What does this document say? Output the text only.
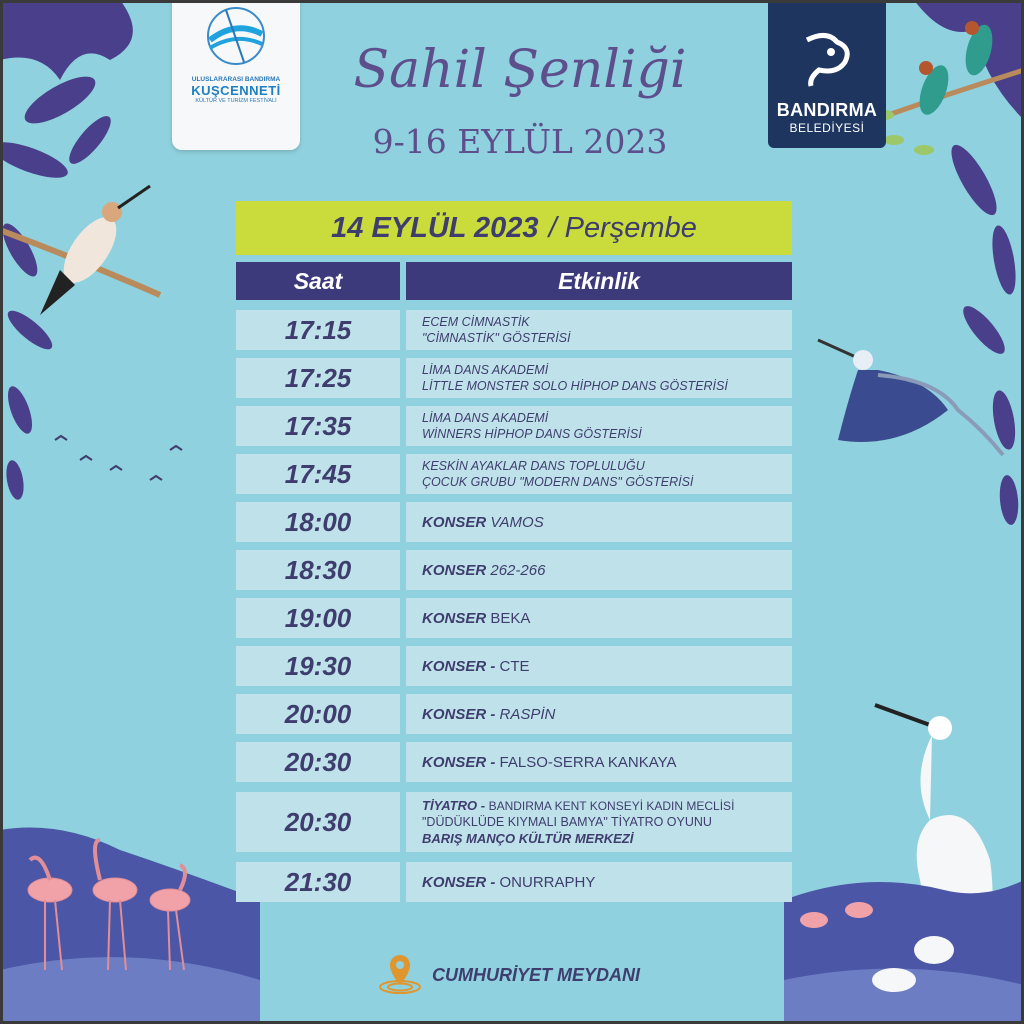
ULUSLARARASI BANDIRMA
KUŞCENNETİ
KÜLTÜR VE TURİZM FESTİVALİ	BANDIRMA
BELEDİYESİ
Sahil Şenliği
9-16 EYLÜL 2023
14 EYLÜL 2023 / Perşembe
Saat	Etkinlik
17:15	ECEM CİMNASTİK
"CİMNASTİK" GÖSTERİSİ
17:25	LİMA DANS AKADEMİ
LİTTLE MONSTER SOLO HİPHOP DANS GÖSTERİSİ
17:35	LİMA DANS AKADEMİ
WİNNERS HİPHOP DANS GÖSTERİSİ
17:45	KESKİN AYAKLAR DANS TOPLULUĞU
ÇOCUK GRUBU "MODERN DANS" GÖSTERİSİ
18:00	KONSER VAMOS
18:30	KONSER 262-266
19:00	KONSER BEKA
19:30	KONSER - CTE
20:00	KONSER - RASPİN
20:30	KONSER - FALSO-SERRA KANKAYA
20:30
TİYATRO - BANDIRMA KENT KONSEYİ KADIN MECLİSİ
"DÜDÜKLÜDE KIYMALI BAMYA" TİYATRO OYUNU
BARIŞ MANÇO KÜLTÜR MERKEZİ
21:30	KONSER - ONURRAPHY
CUMHURİYET MEYDANI
